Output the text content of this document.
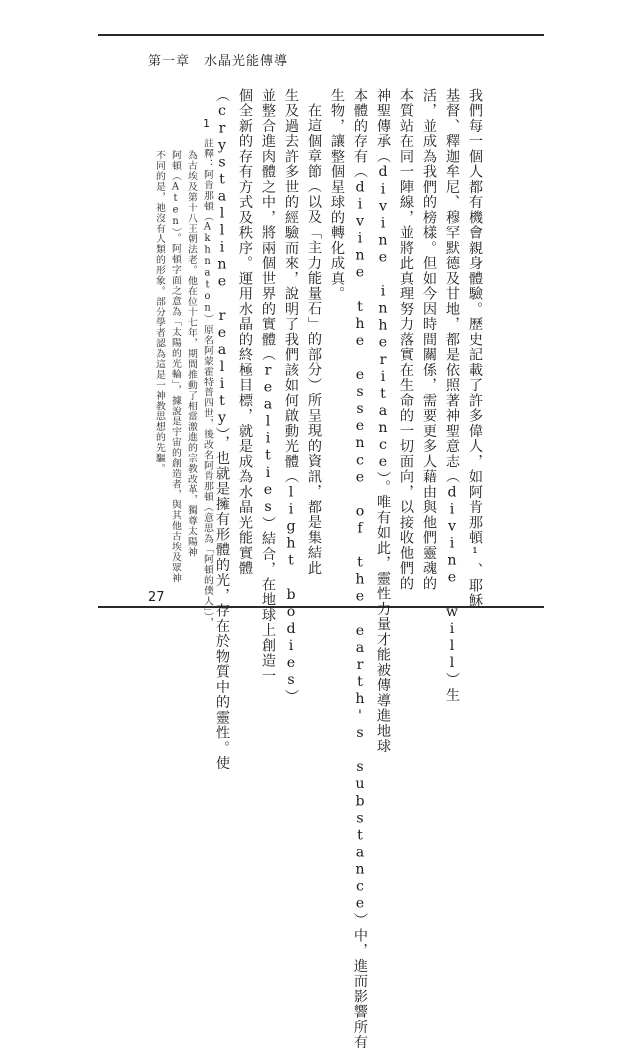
第一章 水晶光能傳導
我們每一個人都有機會親身體驗。歷史記載了許多偉人，如阿肯那頓¹、耶穌
基督、釋迦牟尼、穆罕默德及甘地，都是依照著神聖意志（divine will）生
活，並成為我們的榜樣。但如今因時間關係，需要更多人藉由與他們靈魂的
本質站在同一陣線，並將此真理努力落實在生命的一切面向，以接收他們的
神聖傳承（divine inheritance）。唯有如此，靈性力量才能被傳導進地球
本體的存有（divine the essence of the earth's substance）中，進而影響所有
生物，讓整個星球的轉化成真。
在這個章節（以及「主力能量石」的部分）所呈現的資訊，都是集結此
生及過去許多世的經驗而來，說明了我們該如何啟動光體（light bodies）
並整合進肉體之中，將兩個世界的實體（realities）結合，在地球上創造一
個全新的存有方式及秩序。運用水晶的終極目標，就是成為水晶光能實體
（crystalline reality），也就是擁有形體的光，存在於物質中的靈性。使
1
註釋：阿肯那頓（Akhnaton）原名阿蒙霍特普四世，後改名阿肯那頓（意思為「阿頓的僕人」），
為古埃及第十八王朝法老。他在位十七年，期間推動了相當激進的宗教改革，獨尊太陽神
阿頓（Aten）。阿頓字面之意為「太陽的光輪」，據說是宇宙的創造者，與其他古埃及眾神
不同的是，祂沒有人類的形象。部分學者認為這是一神教思想的先驅。
27
